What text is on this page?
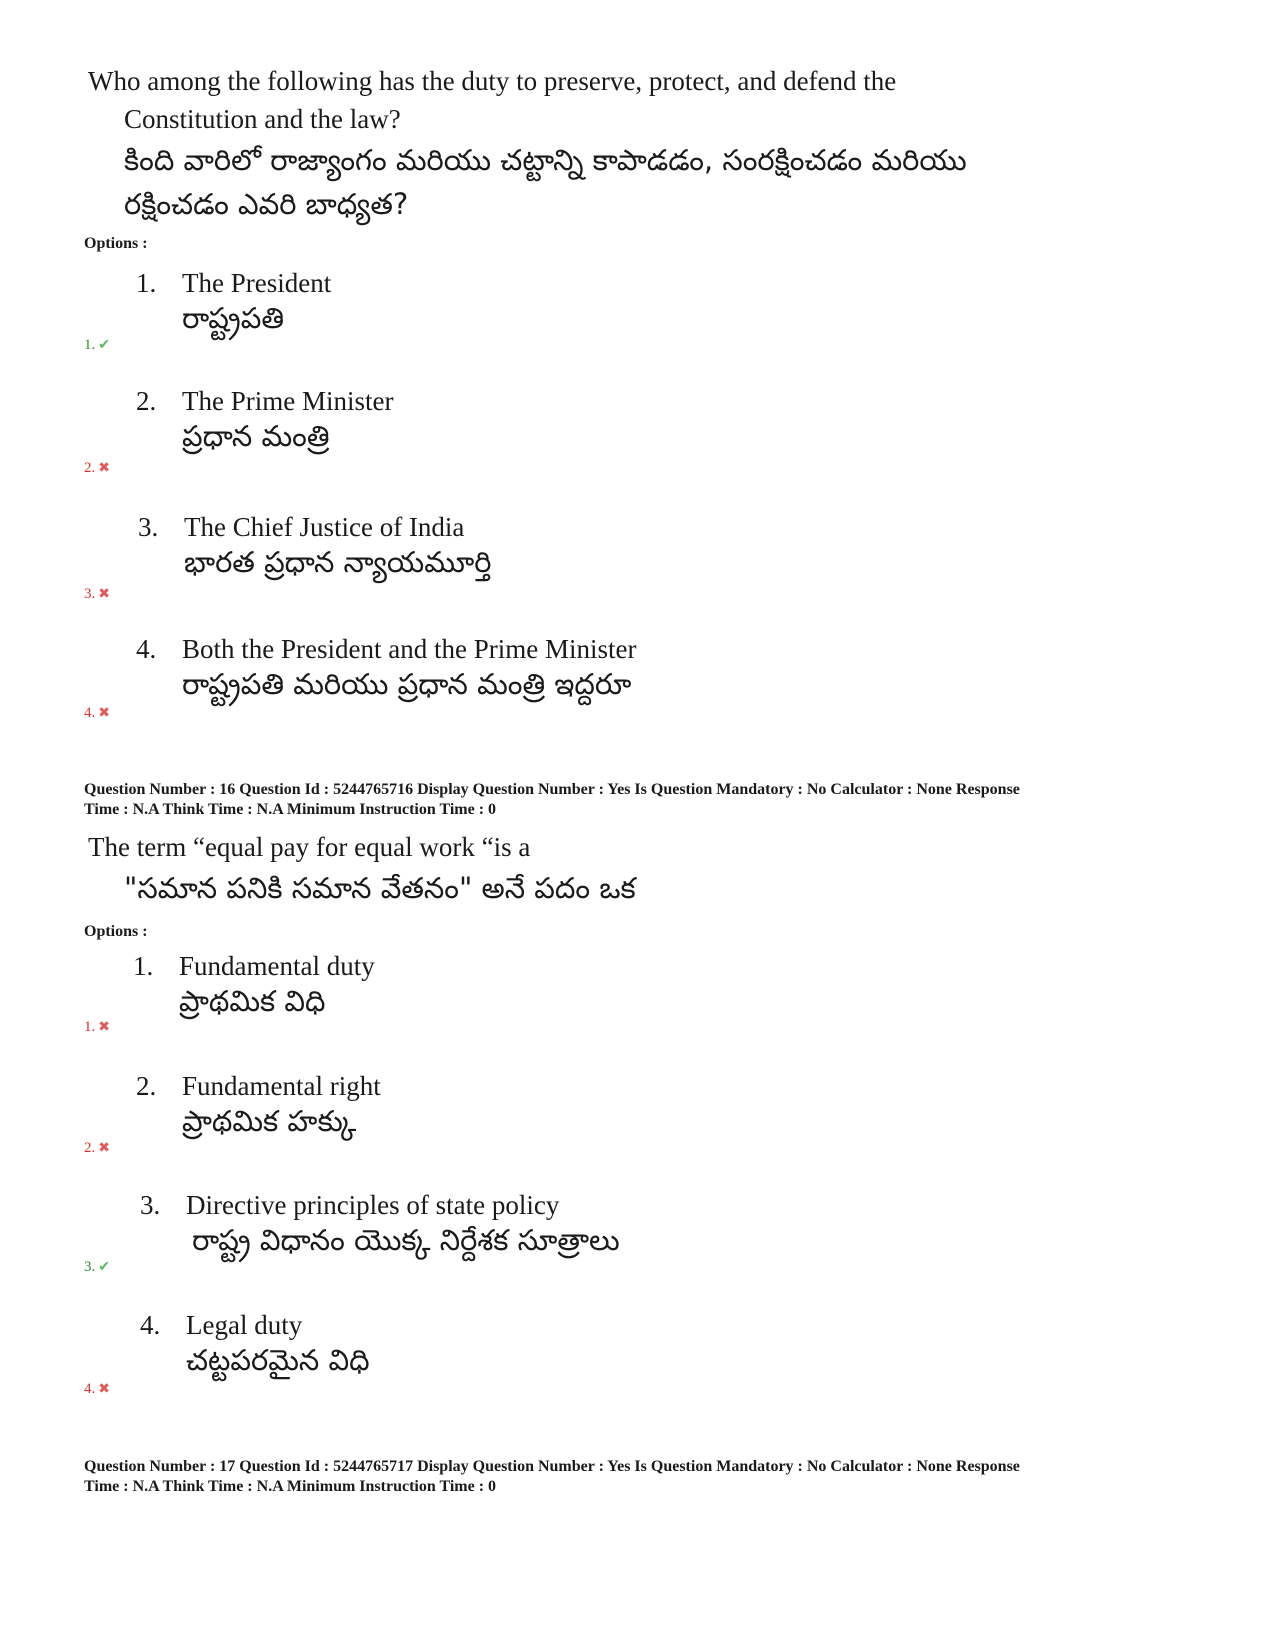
Who among the following has the duty to preserve, protect, and defend the
Constitution and the law?
కింది వారిలో రాజ్యాంగం మరియు చట్టాన్ని కాపాడడం, సంరక్షించడం మరియు
రక్షించడం ఎవరి బాధ్యత?
Options :
1. The President
రాష్ట్రపతి
1. ✔
2. The Prime Minister
ప్రధాన మంత్రి
2. ✖
3. The Chief Justice of India
భారత ప్రధాన న్యాయమూర్తి
3. ✖
4. Both the President and the Prime Minister
రాష్ట్రపతి మరియు ప్రధాన మంత్రి ఇద్దరూ
4. ✖
Question Number : 16 Question Id : 5244765716 Display Question Number : Yes Is Question Mandatory : No Calculator : None Response
Time : N.A Think Time : N.A Minimum Instruction Time : 0
The term “equal pay for equal work “is a
"సమాన పనికి సమాన వేతనం" అనే పదం ఒక
Options :
1. Fundamental duty
ప్రాథమిక విధి
1. ✖
2. Fundamental right
ప్రాథమిక హక్కు
2. ✖
3. Directive principles of state policy
రాష్ట్ర విధానం యొక్క నిర్దేశక సూత్రాలు
3. ✔
4. Legal duty
చట్టపరమైన విధి
4. ✖
Question Number : 17 Question Id : 5244765717 Display Question Number : Yes Is Question Mandatory : No Calculator : None Response
Time : N.A Think Time : N.A Minimum Instruction Time : 0
